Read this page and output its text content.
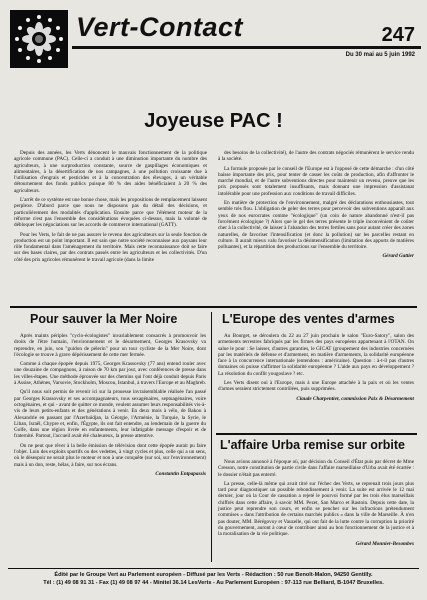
Vert-Contact	247
Du 30 mai au 5 juin 1992
Joyeuse PAC !

Depuis des années, les Verts dénoncent le mauvais fonctionnement de la politique agricole commune (PAC). Celle-ci a conduit à une diminution importante du nombre des agriculteurs, à une surproduction constante, source de gaspillages économiques et alimentaires, à la désertification de nos campagnes, à une pollution croissante due à l'utilisation d'engrais et pesticides et à la concentration des élevages, à un véritable détournement des fonds publics puisque 80 % des aides bénéficiaient à 20 % des agriculteurs.

L'arrêt de ce système est une bonne chose, mais les propositions de remplacement laissent perplexe. D'abord parce que nous ne disposons pas du détail des décisions, et particulièrement des modalités d'application. Ensuite parce que l'élément moteur de la réforme n'est pas l'ensemble des considérations évoquées ci-dessus, mais la volonté de débloquer les négociations sur les accords de commerce international (GATT).

Pour les Verts, le fait de ne pas assurer le revenu des agriculteurs sur la seule fonction de production est un point important. Il est sain que notre société reconnaisse aux paysans leur rôle fondamental dans l'aménagement du territoire. Mais cette reconnaissance doit se faire sur des bases claires, par des contrats passés entre les agriculteurs et les collectivités. D'un côté des prix agricoles rémunèrent le travail agricole (dans la limite

des besoins de la collectivité), de l'autre des contrats négociés rémunèrent le service rendu à la société.

La formule proposée par le conseil de l'Europe est à l'opposé de cette démarche : d'un côté baisse importante des prix, pour tenter de casser les coûts de production, afin d'affronter le marché mondial, et de l'autre subventions directes pour maintenir un revenu, preuve que les prix proposés sont totalement insuffisants, mais donnant une impression d'assistanat intolérable pour une profession aux conditions de travail difficiles.

En matière de protection de l'environnement, malgré des déclarations enthousiastes, tout semble très flou. L'obligation de geler des terres pour percevoir des subventions apparaît aux yeux de nos eurocrates comme "écologique" (un coin de nature abandonné n'est-il pas forcément écologique ?) Alors que le gel des terres présente le triple inconvénient de coûter cher à la collectivité, de laisser à l'abandon des terres fertiles sans pour autant créer des zones naturelles, de favoriser l'intensification (et donc la pollution) sur les parcelles restant en culture. Il aurait mieux valu favoriser la désintensification (limitation des apports de matières polluantes), et la répartition des productions sur l'ensemble du territoire.

Gérard Gattier

Pour sauver la Mer Noire

Après maints périples "cyclo-écologistes" invariablement consacrés à promouvoir les droits de l'être humain, l'environnement et le désarmement, Georges Krasovsky va reprendre, en juin, son "guidon de pèlerin" pour un tour cycliste de la Mer Noire, dont l'écologie se trouve à grave dépérissement de cette mer fermée.

Comme à chaque épopée depuis 1975, Georges Krassovsky (77 ans) entend rouler avec une douzaine de compagnons, à raison de 70 km par jour, avec conférences de presse dans les villes-étapes. Une méthode éprouvée sur des chemins qui l'ont déjà conduit depuis Paris à Assise, Athènes, Varsovie, Stockholm, Moscou, Istanbul, à travers l'Europe et au Maghreb.

Qu'il nous soit permis de revenir ici sur la prouesse invraisemblable réalisée l'an passé par Georges Krassovsky et ses accompagnateurs, tous sexagénaires, septuagénaires, voire octogénaires, et qui - avant de quitter ce monde, veulent assumer leurs responsabilités vis-à-vis de leurs petits-enfants et des générations à venir. En deux mois à vélo, de Bakou à Alexandrie en passant par l'Azerbaïdjan, la Géorgie, l'Arménie, la Turquie, la Syrie, le Liban, Israël, Chypre et, enfin, l'Égypte, ils ont fait entendre, au lendemain de la guerre du Golfe, dans une région livrée en enfantements, leur infatigable message d'espoir et de fraternité. Partout, l'accueil avait été chaleureux, la presse attentive.

On ne peut que rêver à la belle émission de télévision dont cette épopée aurait pu faire l'objet. Loin des exploits sportifs ou des vedettes, à vingt cycles et plus, celle qui a un sens, où le désespoir ne serait plus le moteur et non à une conquête (sur soi, sur l'environnement) mais à un don, reste, hélas, à faire, sur nos écrans.

Constantin Entpapassis

L'Europe des ventes d'armes

Au Bourget, se déroulera du 22 au 27 juin prochain le salon "Euro-Satory", salon des armements terrestres fabriqués par les firmes des pays européens appartenant à l'OTAN. On salue le pour : Se laisser, d'autres garanties, le GICAT (groupement des industries concernées par les matériels de défense et d'armement, en matière d'armements, la solidarité européenne face à la concurrence internationale (entendons : américaine). Question : à-t-il pas d'autres domaines où puisse s'affirmer la solidarité européenne ? L'aide aux pays en développement ? La résolution du conflit yougoslave ? etc.

Les Verts disent oui à l'Europe, mais à une Europe attachée à la paix et où les ventes d'armes seraient strictement contrôlées, puis supprimées.

Claude Charpentier, commission Paix & Désarmement

L'affaire Urba remise sur orbite

Nous avions annoncé à l'époque où, par décision du Conseil d'État puis par décret de Mme Cresson, notre constitution de partie civile dans l'affaire marseillaise d'Urba avait été écartée : le dossier n'était pas enterré.

La presse, celle-là même qui avait titré sur l'échec des Verts, se reprenait trois jours plus tard pour diagnostiquer un possible rebondissement à venir. La suite est arrivée le 12 mai dernier, jour où la Cour de cassation a rejeté le pourvoi formé par les trois élus marseillais chiffrés dans cette affaire, à savoir MM. Pezet, San Marco et Rastoin. Depuis cette date, la justice peut reprendre son cours, et enfin se pencher sur les infractions prétendument commises « dans l'attribution de certains marchés publics » dans la ville de Marseille. À n'en pas douter, MM. Bérégovoy et Vauzelle, qui ont fait de la lutte contre la corruption la priorité du gouvernement, auront à cœur de contribuer ainsi au bon fonctionnement de la justice et à la moralisation de la vie politique.

Gérard Monnier-Besombes

Édité par le Groupe Vert au Parlement européen - Diffusé par les Verts - Rédaction : 50 rue Benoît-Malon, 94250 Gentilly.
Tél : (1) 49 08 91 31 - Fax (1) 49 08 97 44 - Minitel 36.14 LesVerts - Au Parlement Européen : 97-113 rue Belliard, B-1047 Bruxelles.
